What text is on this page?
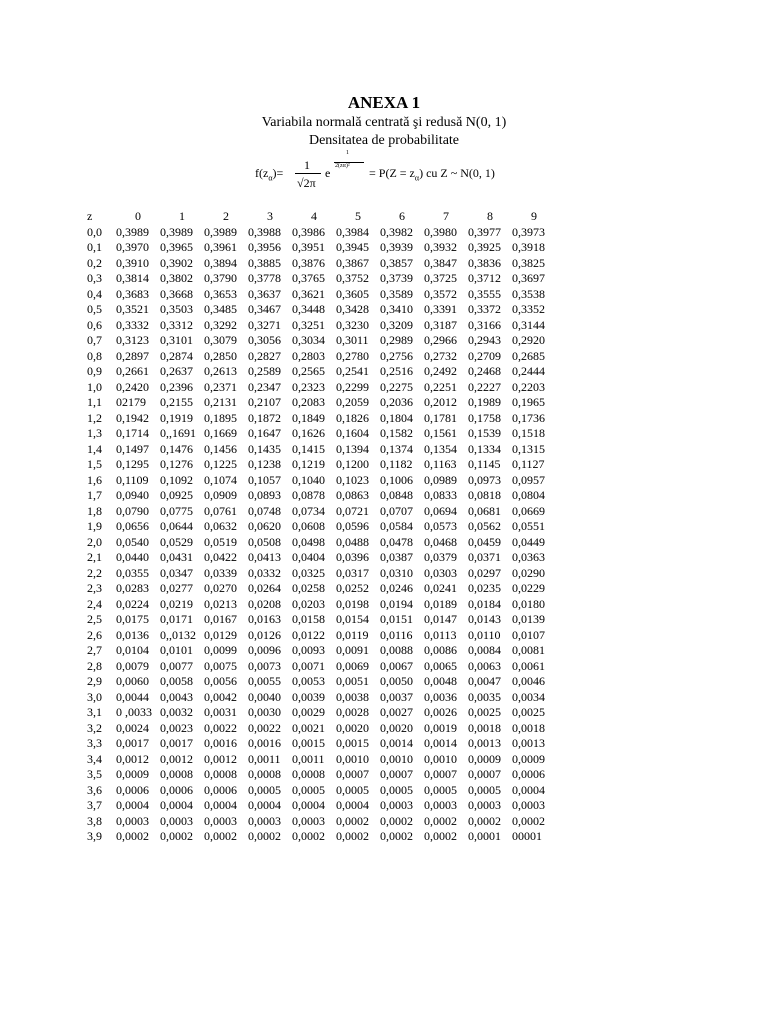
ANEXA 1
Variabila normală centrată şi redusă N(0, 1)
Densitatea de probabilitate
$f(z_\alpha)=$
1
√2π
e
1
$2(z\alpha)^2 = P(Z = z_\alpha)$ cu Z ~ N(0, 1)
z	0	1	2	3	4	5	6	7	8	9
0,0	0,3989	0,3989	0,3989	0,3988	0,3986	0,3984	0,3982	0,3980	0,3977	0,3973
0,1	0,3970	0,3965	0,3961	0,3956	0,3951	0,3945	0,3939	0,3932	0,3925	0,3918
0,2	0,3910	0,3902	0,3894	0,3885	0,3876	0,3867	0,3857	0,3847	0,3836	0,3825
0,3	0,3814	0,3802	0,3790	0,3778	0,3765	0,3752	0,3739	0,3725	0,3712	0,3697
0,4	0,3683	0,3668	0,3653	0,3637	0,3621	0,3605	0,3589	0,3572	0,3555	0,3538
0,5	0,3521	0,3503	0,3485	0,3467	0,3448	0,3428	0,3410	0,3391	0,3372	0,3352
0,6	0,3332	0,3312	0,3292	0,3271	0,3251	0,3230	0,3209	0,3187	0,3166	0,3144
0,7	0,3123	0,3101	0,3079	0,3056	0,3034	0,3011	0,2989	0,2966	0,2943	0,2920
0,8	0,2897	0,2874	0,2850	0,2827	0,2803	0,2780	0,2756	0,2732	0,2709	0,2685
0,9	0,2661	0,2637	0,2613	0,2589	0,2565	0,2541	0,2516	0,2492	0,2468	0,2444
1,0	0,2420	0,2396	0,2371	0,2347	0,2323	0,2299	0,2275	0,2251	0,2227	0,2203
1,1	02179	0,2155	0,2131	0,2107	0,2083	0,2059	0,2036	0,2012	0,1989	0,1965
1,2	0,1942	0,1919	0,1895	0,1872	0,1849	0,1826	0,1804	0,1781	0,1758	0,1736
1,3	0,1714	0,,1691	0,1669	0,1647	0,1626	0,1604	0,1582	0,1561	0,1539	0,1518
1,4	0,1497	0,1476	0,1456	0,1435	0,1415	0,1394	0,1374	0,1354	0,1334	0,1315
1,5	0,1295	0,1276	0,1225	0,1238	0,1219	0,1200	0,1182	0,1163	0,1145	0,1127
1,6	0,1109	0,1092	0,1074	0,1057	0,1040	0,1023	0,1006	0,0989	0,0973	0,0957
1,7	0,0940	0,0925	0,0909	0,0893	0,0878	0,0863	0,0848	0,0833	0,0818	0,0804
1,8	0,0790	0,0775	0,0761	0,0748	0,0734	0,0721	0,0707	0,0694	0,0681	0,0669
1,9	0,0656	0,0644	0,0632	0,0620	0,0608	0,0596	0,0584	0,0573	0,0562	0,0551
2,0	0,0540	0,0529	0,0519	0,0508	0,0498	0,0488	0,0478	0,0468	0,0459	0,0449
2,1	0,0440	0,0431	0,0422	0,0413	0,0404	0,0396	0,0387	0,0379	0,0371	0,0363
2,2	0,0355	0,0347	0,0339	0,0332	0,0325	0,0317	0,0310	0,0303	0,0297	0,0290
2,3	0,0283	0,0277	0,0270	0,0264	0,0258	0,0252	0,0246	0,0241	0,0235	0,0229
2,4	0,0224	0,0219	0,0213	0,0208	0,0203	0,0198	0,0194	0,0189	0,0184	0,0180
2,5	0,0175	0,0171	0,0167	0,0163	0,0158	0,0154	0,0151	0,0147	0,0143	0,0139
2,6	0,0136	0,,0132	0,0129	0,0126	0,0122	0,0119	0,0116	0,0113	0,0110	0,0107
2,7	0,0104	0,0101	0,0099	0,0096	0,0093	0,0091	0,0088	0,0086	0,0084	0,0081
2,8	0,0079	0,0077	0,0075	0,0073	0,0071	0,0069	0,0067	0,0065	0,0063	0,0061
2,9	0,0060	0,0058	0,0056	0,0055	0,0053	0,0051	0,0050	0,0048	0,0047	0,0046
3,0	0,0044	0,0043	0,0042	0,0040	0,0039	0,0038	0,0037	0,0036	0,0035	0,0034
3,1	0 ,0033	0,0032	0,0031	0,0030	0,0029	0,0028	0,0027	0,0026	0,0025	0,0025
3,2	0,0024	0,0023	0,0022	0,0022	0,0021	0,0020	0,0020	0,0019	0,0018	0,0018
3,3	0,0017	0,0017	0,0016	0,0016	0,0015	0,0015	0,0014	0,0014	0,0013	0,0013
3,4	0,0012	0,0012	0,0012	0,0011	0,0011	0,0010	0,0010	0,0010	0,0009	0,0009
3,5	0,0009	0,0008	0,0008	0,0008	0,0008	0,0007	0,0007	0,0007	0,0007	0,0006
3,6	0,0006	0,0006	0,0006	0,0005	0,0005	0,0005	0,0005	0,0005	0,0005	0,0004
3,7	0,0004	0,0004	0,0004	0,0004	0,0004	0,0004	0,0003	0,0003	0,0003	0,0003
3,8	0,0003	0,0003	0,0003	0,0003	0,0003	0,0002	0,0002	0,0002	0,0002	0,0002
3,9	0,0002	0,0002	0,0002	0,0002	0,0002	0,0002	0,0002	0,0002	0,0001	00001
